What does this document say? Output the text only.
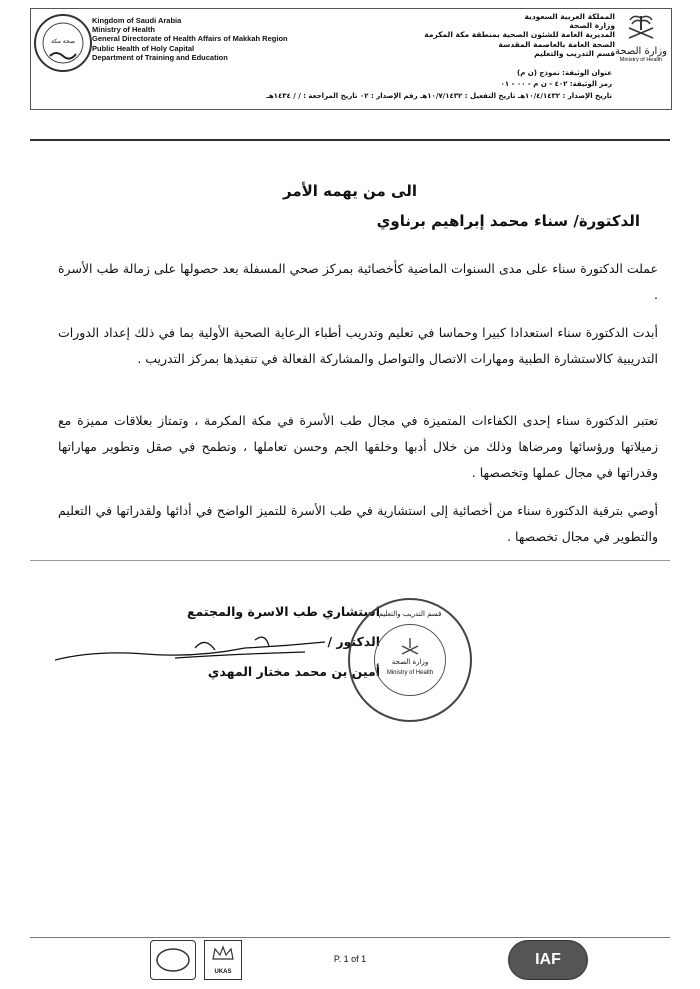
صحة مكة
Kingdom of Saudi Arabia
Ministry of Health
General Directorate of Health Affairs of Makkah Region
Public Health of Holy Capital
Department of Training and Education
المملكة العربية السعودية
وزارة الصحة
المديرية العامة للشئون الصحية بمنطقة مكة المكرمة
الصحة العامة بالعاصمة المقدسة
قسم التدريب والتعليم وزارة الصحة
Ministry of Health
عنوان الوثيقة: نموذج (ن م)
رمز الوثيقة: ٤٠٢ - ن م - ٠٠ - ٠١
تاريخ الإصدار : ١٠/٤/١٤٣٢هـ تاريخ التفعيل : ١٠/٧/١٤٣٢هـ رقم الإصدار : ٠٢ تاريخ المراجعة : / / ١٤٣٤هـ
الى من يهمه الأمر
الدكتورة/ سناء محمد إبراهيم برناوي
عملت الدكتورة سناء على مدى السنوات الماضية كأخصائية بمركز صحي المسفلة بعد حصولها على زمالة طب الأسرة .
أبدت الدكتورة سناء استعدادا كبيرا وحماسا في تعليم وتدريب أطباء الرعاية الصحية الأولية بما في ذلك إعداد الدورات التدريبية كالاستشارة الطبية ومهارات الاتصال والتواصل والمشاركة الفعالة في تنفيذها بمركز التدريب .
تعتبر الدكتورة سناء إحدى الكفاءات المتميزة في مجال طب الأسرة في مكة المكرمة ، وتمتاز بعلاقات مميزة مع زميلاتها ورؤسائها ومرضاها وذلك من خلال أدبها وخلقها الجم وحسن تعاملها ، وتطمح في صقل وتطوير مهاراتها وقدراتها في مجال عملها وتخصصها .
أوصي بترقية الدكتورة سناء من أخصائية إلى استشارية في طب الأسرة للتميز الواضح في أدائها ولقدراتها في التعليم والتطوير في مجال تخصصها .
استشاري طب الاسرة والمجتمع
الدكتور /
أمين بن محمد مختار المهدي
قسم التدريب والتعليم
وزارة الصحة
Ministry of Health
UKAS
P. 1 of 1	IAF
